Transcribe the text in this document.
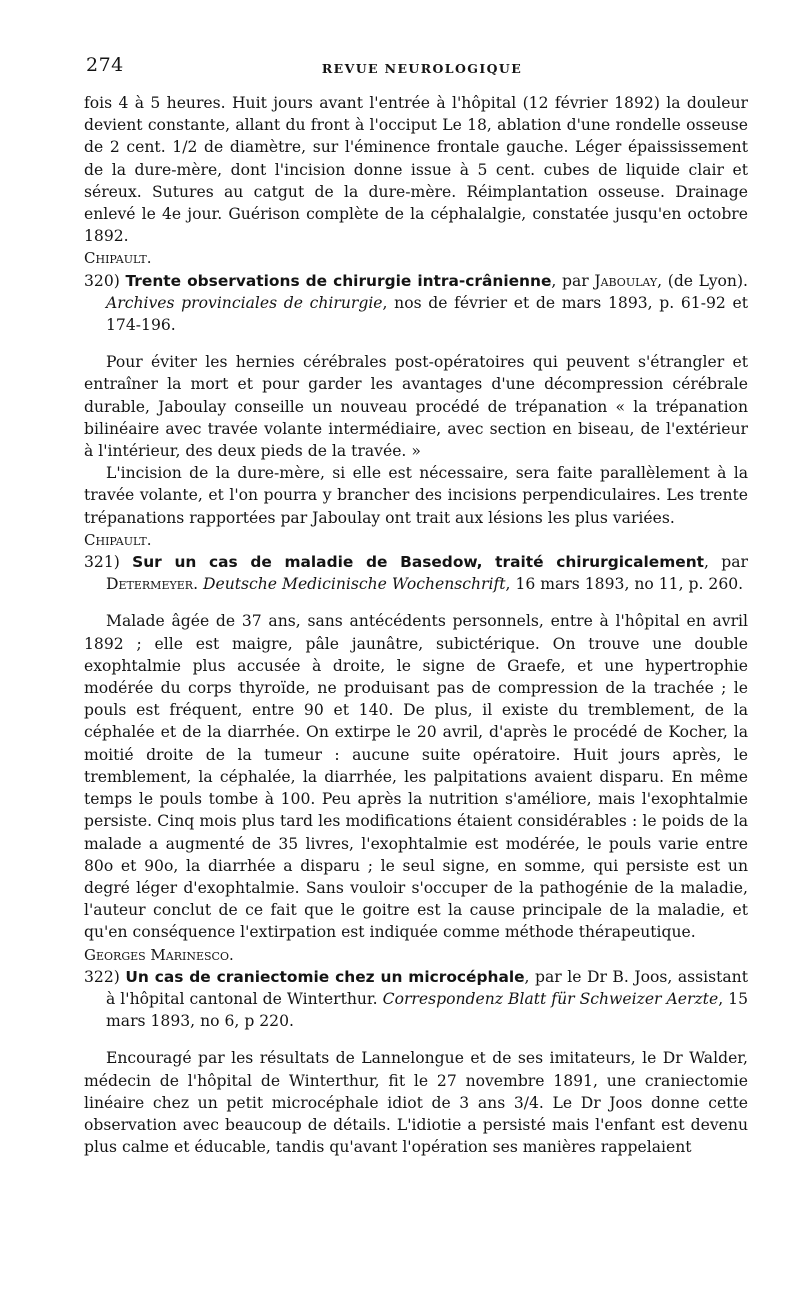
274	REVUE NEUROLOGIQUE

fois 4 à 5 heures. Huit jours avant l'entrée à l'hôpital (12 février 1892) la douleur devient constante, allant du front à l'occiput Le 18, ablation d'une rondelle osseuse de 2 cent. 1/2 de diamètre, sur l'éminence frontale gauche. Léger épaississement de la dure-mère, dont l'incision donne issue à 5 cent. cubes de liquide clair et séreux. Sutures au catgut de la dure-mère. Réimplantation osseuse. Drainage enlevé le 4e jour. Guérison complète de la céphalalgie, constatée jusqu'en octobre 1892.

Chipault.

320) Trente observations de chirurgie intra-crânienne, par Jaboulay, (de Lyon). Archives provinciales de chirurgie, nos de février et de mars 1893, p. 61-92 et 174-196.

Pour éviter les hernies cérébrales post-opératoires qui peuvent s'étrangler et entraîner la mort et pour garder les avantages d'une décompression cérébrale durable, Jaboulay conseille un nouveau procédé de trépanation « la trépanation bilinéaire avec travée volante intermédiaire, avec section en biseau, de l'extérieur à l'intérieur, des deux pieds de la travée. »

L'incision de la dure-mère, si elle est nécessaire, sera faite parallèlement à la travée volante, et l'on pourra y brancher des incisions perpendiculaires. Les trente trépanations rapportées par Jaboulay ont trait aux lésions les plus variées.

Chipault.

321) Sur un cas de maladie de Basedow, traité chirurgicalement, par Determeyer. Deutsche Medicinische Wochenschrift, 16 mars 1893, no 11, p. 260.

Malade âgée de 37 ans, sans antécédents personnels, entre à l'hôpital en avril 1892 ; elle est maigre, pâle jaunâtre, subictérique. On trouve une double exophtalmie plus accusée à droite, le signe de Graefe, et une hypertrophie modérée du corps thyroïde, ne produisant pas de compression de la trachée ; le pouls est fréquent, entre 90 et 140. De plus, il existe du tremblement, de la céphalée et de la diarrhée. On extirpe le 20 avril, d'après le procédé de Kocher, la moitié droite de la tumeur : aucune suite opératoire. Huit jours après, le tremblement, la céphalée, la diarrhée, les palpitations avaient disparu. En même temps le pouls tombe à 100. Peu après la nutrition s'améliore, mais l'exophtalmie persiste. Cinq mois plus tard les modifications étaient considérables : le poids de la malade a augmenté de 35 livres, l'exophtalmie est modérée, le pouls varie entre 80o et 90o, la diarrhée a disparu ; le seul signe, en somme, qui persiste est un degré léger d'exophtalmie. Sans vouloir s'occuper de la pathogénie de la maladie, l'auteur conclut de ce fait que le goitre est la cause principale de la maladie, et qu'en conséquence l'extirpation est indiquée comme méthode thérapeutique.

Georges Marinesco.

322) Un cas de craniectomie chez un microcéphale, par le Dr B. Joos, assistant à l'hôpital cantonal de Winterthur. Correspondenz Blatt für Schweizer Aerzte, 15 mars 1893, no 6, p 220.

Encouragé par les résultats de Lannelongue et de ses imitateurs, le Dr Walder, médecin de l'hôpital de Winterthur, fit le 27 novembre 1891, une craniectomie linéaire chez un petit microcéphale idiot de 3 ans 3/4. Le Dr Joos donne cette observation avec beaucoup de détails. L'idiotie a persisté mais l'enfant est devenu plus calme et éducable, tandis qu'avant l'opération ses manières rappelaient
